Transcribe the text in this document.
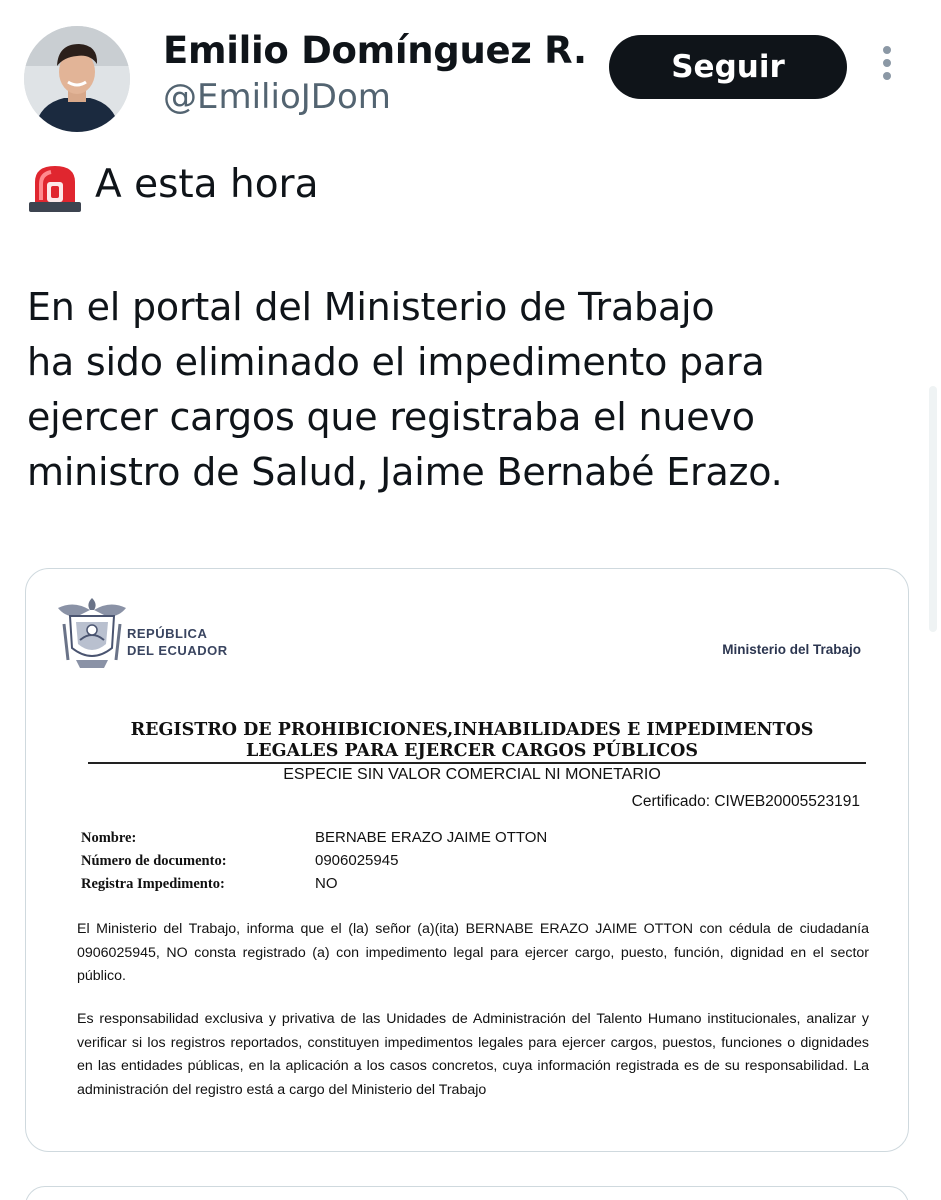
Emilio Domínguez R.
@EmilioJDom
Seguir
A esta hora
En el portal del Ministerio de Trabajo
ha sido eliminado el impedimento para
ejercer cargos que registraba el nuevo
ministro de Salud, Jaime Bernabé Erazo.
REPÚBLICA
DEL ECUADOR	Ministerio del Trabajo
REGISTRO DE PROHIBICIONES,INHABILIDADES E IMPEDIMENTOS
LEGALES PARA EJERCER CARGOS PÚBLICOS
ESPECIE SIN VALOR COMERCIAL NI MONETARIO
Certificado: CIWEB20005523191
Nombre:	BERNABE ERAZO JAIME OTTON
Número de documento:	0906025945
Registra Impedimento:	NO
El Ministerio del Trabajo, informa que el (la) señor (a)(ita) BERNABE ERAZO JAIME OTTON con cédula de ciudadanía 0906025945, NO consta registrado (a) con impedimento legal para ejercer cargo, puesto, función, dignidad en el sector público.
Es responsabilidad exclusiva y privativa de las Unidades de Administración del Talento Humano institucionales, analizar y verificar si los registros reportados, constituyen impedimentos legales para ejercer cargos, puestos, funciones o dignidades en las entidades públicas, en la aplicación a los casos concretos, cuya información registrada es de su responsabilidad. La administración del registro está a cargo del Ministerio del Trabajo
